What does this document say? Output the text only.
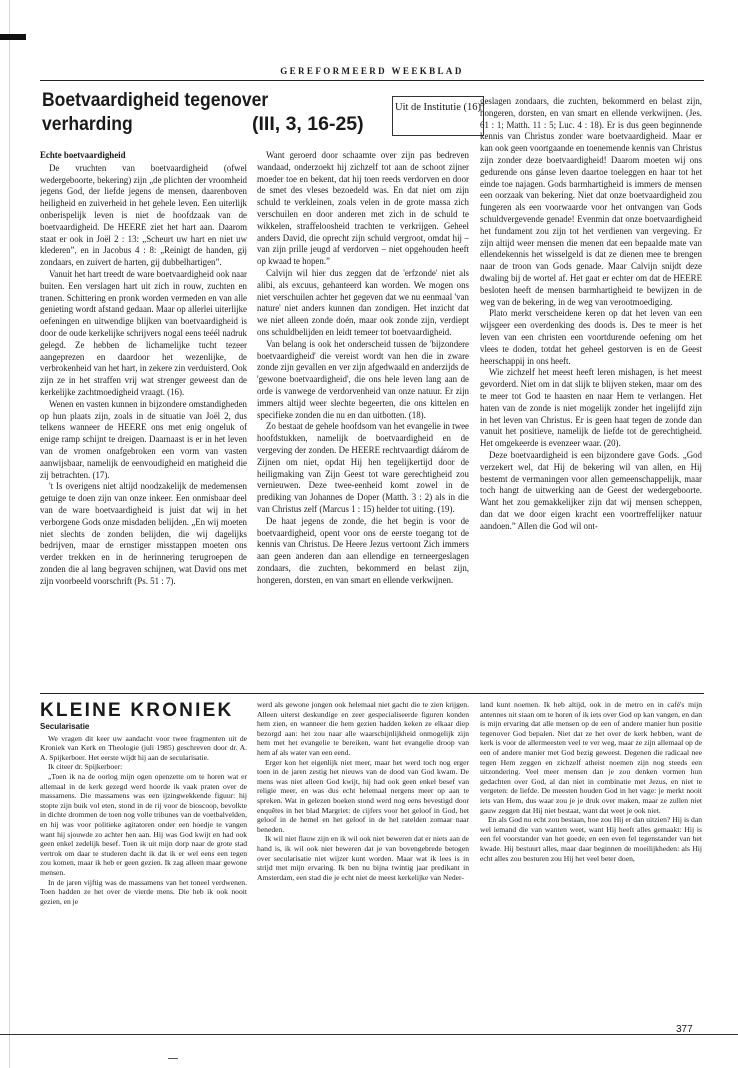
GEREFORMEERD WEEKBLAD
Boetvaardigheid tegenover verharding	(III, 3, 16-25)
Uit de Institutie (16)

Echte boetvaardigheid

De vruchten van boetvaardigheid (ofwel wedergeboorte, bekering) zijn „de plichten der vroomheid jegens God, der liefde jegens de mensen, daarenboven heiligheid en zuiverheid in het gehele leven. Een uiterlijk onberispelijk leven is niet de hoofdzaak van de boetvaardigheid. De HEERE ziet het hart aan. Daarom staat er ook in Joël 2 : 13: „Scheurt uw hart en niet uw klederen”, en in Jacobus 4 : 8: „Reinigt de handen, gij zondaars, en zuivert de harten, gij dubbelhartigen”.

Vanuit het hart treedt de ware boetvaardigheid ook naar buiten. Een verslagen hart uit zich in rouw, zuchten en tranen. Schittering en pronk worden vermeden en van alle genieting wordt afstand gedaan. Maar op allerlei uiterlijke oefeningen en uitwendige blijken van boetvaardigheid is door de oude kerkelijke schrijvers nogal eens teéél nadruk gelegd. Ze hebben de lichamelijke tucht tezeer aangeprezen en daardoor het wezenlijke, de verbrokenheid van het hart, in zekere zin verduisterd. Ook zijn ze in het straffen vrij wat strenger geweest dan de kerkelijke zachtmoedigheid vraagt. (16).

Wenen en vasten kunnen in bijzondere omstandigheden op hun plaats zijn, zoals in de situatie van Joël 2, dus telkens wanneer de HEERE ons met enig ongeluk of enige ramp schijnt te dreigen. Daarnaast is er in het leven van de vromen onafgebroken een vorm van vasten aanwijsbaar, namelijk de eenvoudigheid en matigheid die zij betrachten. (17).

't Is overigens niet altijd noodzakelijk de medemensen getuige te doen zijn van onze inkeer. Een onmisbaar deel van de ware boetvaardigheid is juist dat wij in het verborgene Gods onze misdaden belijden. „En wij moeten niet slechts de zonden belijden, die wij dagelijks bedrijven, maar de ernstiger misstappen moeten ons verder trekken en in de herinnering terugroepen de zonden die al lang begraven schijnen, wat David ons met zijn voorbeeld voorschrift (Ps. 51 : 7).

Want geroerd door schaamte over zijn pas bedreven wandaad, onderzoekt hij zichzelf tot aan de schoot zijner moeder toe en bekent, dat hij toen reeds verdorven en door de smet des vleses bezoedeld was. En dat niet om zijn schuld te verkleinen, zoals velen in de grote massa zich verschuilen en door anderen met zich in de schuld te wikkelen, straffeloosheid trachten te verkrijgen. Geheel anders David, die oprecht zijn schuld vergroot, omdat hij – van zijn prille jeugd af verdorven – niet opgehouden heeft op kwaad te hopen.”

Calvijn wil hier dus zeggen dat de 'erfzonde' niet als alibi, als excuus, gehanteerd kan worden. We mogen ons niet verschuilen achter het gegeven dat we nu eenmaal 'van nature' niet anders kunnen dan zondigen. Het inzicht dat we niet alleen zonde doén, maar ook zonde zijn, verdiept ons schuldbelijden en leidt temeer tot boetvaardigheid.

Van belang is ook het onderscheid tussen de 'bijzondere boetvaardigheid' die vereist wordt van hen die in zware zonde zijn gevallen en ver zijn afgedwaald en anderzijds de 'gewone boetvaardigheid', die ons hele leven lang aan de orde is vanwege de verdorvenheid van onze natuur. Er zijn immers altijd weer slechte begeerten, die ons kittelen en specifieke zonden die nu en dan uitbotten. (18).

Zo bestaat de gehele hoofdsom van het evangelie in twee hoofdstukken, namelijk de boetvaardigheid en de vergeving der zonden. De HEERE rechtvaardigt dáárom de Zijnen om niet, opdat Hij hen tegelijkertijd door de heiligmaking van Zijn Geest tot ware gerechtigheid zou vernieuwen. Deze twee-eenheid komt zowel in de prediking van Johannes de Doper (Matth. 3 : 2) als in die van Christus zelf (Marcus 1 : 15) helder tot uiting. (19).

De haat jegens de zonde, die het begin is voor de boetvaardigheid, opent voor ons de eerste toegang tot de kennis van Christus. De Heere Jezus vertoont Zich immers aan geen anderen dan aan ellendige en terneergeslagen zondaars, die zuchten, bekommerd en belast zijn, hongeren, dorsten, en van smart en ellende verkwijnen.

geslagen zondaars, die zuchten, bekommerd en belast zijn, hongeren, dorsten, en van smart en ellende verkwijnen. (Jes. 61 : 1; Matth. 11 : 5; Luc. 4 : 18). Er is dus geen beginnende kennis van Christus zonder ware boetvaardigheid. Maar er kan ook geen voortgaande en toenemende kennis van Christus zijn zonder deze boetvaardigheid! Daarom moeten wij ons gedurende ons gánse leven daartoe toeleggen en haar tot het einde toe najagen. Gods barmhartigheid is immers de mensen een oorzaak van bekering. Niet dat onze boetvaardigheid zou fungeren als een voorwaarde voor het ontvangen van Gods schuldvergevende genade! Evenmin dat onze boetvaardigheid het fundament zou zijn tot het verdienen van vergeving. Er zijn altijd weer mensen die menen dat een bepaalde mate van ellendekennis het wisselgeld is dat ze dienen mee te brengen naar de troon van Gods genade. Maar Calvijn snijdt deze dwaling bij de wortel af. Het gaat er echter om dat de HEERE besloten heeft de mensen barmhartigheid te bewijzen in de weg van de bekering, in de weg van verootmoediging.

Plato merkt verscheidene keren op dat het leven van een wijsgeer een overdenking des doods is. Des te meer is het leven van een christen een voortdurende oefening om het vlees te doden, totdat het geheel gestorven is en de Geest heerschappij in ons heeft.

Wie zichzelf het meest heeft leren mishagen, is het meest gevorderd. Niet om in dat slijk te blijven steken, maar om des te meer tot God te haasten en naar Hem te verlangen. Het haten van de zonde is niet mogelijk zonder het ingelijfd zijn in het leven van Christus. Er is geen haat tegen de zonde dan vanuit het positieve, namelijk de liefde tot de gerechtigheid. Het omgekeerde is evenzeer waar. (20).

Deze boetvaardigheid is een bijzondere gave Gods. „God verzekert wel, dat Hij de bekering wil van allen, en Hij bestemt de vermaningen voor allen gemeenschappelijk, maar toch hangt de uitwerking aan de Geest der wedergeboorte. Want het zou gemakkelijker zijn dat wij mensen scheppen, dan dat we door eigen kracht een voortreffelijker natuur aandoen.” Allen die God wil ont-

KLEINE KRONIEK

Secularisatie

We vragen dit keer uw aandacht voor twee fragmenten uit de Kroniek van Kerk en Theologie (juli 1985) geschreven door dr. A. A. Spijkerboer. Het eerste wijdt hij aan de secularisatie.

Ik citeer dr. Spijkerboer:

„Toen ik na de oorlog mijn ogen openzette om te horen wat er allemaal in de kerk gezegd werd hoorde ik vaak praten over de massamens. Die massamens was een ijzingwekkende figuur: hij stopte zijn buik vol eten, stond in de rij voor de bioscoop, bevolkte in dichte drommen de toen nog volle tribunes van de voetbalvelden, en hij was voor politieke agitatoren onder een hoedje te vangen want hij sjouwde zo achter hen aan. Hij was God kwijt en had ook geen enkel zedelijk besef. Toen ik uit mijn dorp naar de grote stad vertrok om daar te studeren dacht ik dat ik er wel eens een tegen zou komen, maar ik heb er geen gezien. Ik zag alleen maar gewone mensen.

In de jaren vijftig was de massamens van het toneel verdwenen. Toen hadden ze het over de vierde mens. Die heb ik ook nooit gezien, en je

werd als gewone jongen ook helemaal niet gacht die te zien krijgen. Alleen uiterst deskundige en zeer gespecialiseerde figuren konden hem zien, en wanneer die hem gezien hadden keken ze elkaar diep bezorgd aan: het zou naar alle waarschijnlijkheid onmogelijk zijn hem met het evangelie te bereiken, want het evangelie droop van hem af als water van een eend.

Erger kon het eigenlijk niet meer, maar het werd toch nog erger toen in de jaren zestig het nieuws van de dood van God kwam. De mens was niet alleen God kwijt, hij had ook geen enkel besef van religie meer, en was dus echt helemaal nergens meer op aan te spreken. Wat in gelezen boeken stond werd nog eens bevestigd door enquêtes in het blad Margriet: de cijfers voor het geloof in God, het geloof in de hemel en het geloof in de hel ratelden zomaar naar beneden.

Ik wil niet flauw zijn en ik wil ook niet beweren dat er niets aan de hand is, ik wil ook niet beweren dat je van bovengebrede betogen over secularisatie niet wijzer kunt worden. Maar wat ik lees is in strijd met mijn ervaring. Ik ben nu bijna twintig jaar predikant in Amsterdam, een stad die je echt niet de meest kerkelijke van Neder-

land kunt noemen. Ik heb altijd, ook in de metro en in café's mijn antennes uit staan om te horen of ik iets over God op kan vangen, en dan is mijn ervaring dat alle mensen op de een of andere manier hun positie tegenover God bepalen. Niet dat ze het over de kerk hebben, want de kerk is voor de allermeesten veel te ver weg, maar ze zijn allemaal op de een of andere manier met God bezig geweest. Degenen die radicaal nee tegen Hem zeggen en zichzelf atheist noemen zijn nog steeds een uitzondering. Veel meer mensen dan je zou denken vormen hun gedachten over God, al dan niet in combinatie met Jezus, en niet te vergeten: de liefde. De meesten houden God in het vage: je merkt nooit iets van Hem, dus waar zou je je druk over maken, maar ze zullen niet gauw zeggen dat Hij niet bestaat, want dat weet je ook niet.

En als God nu echt zou bestaan, hoe zou Hij er dan uitzien? Hij is dan wel iemand die van wanten weet, want Hij heeft alles gemaakt: Hij is een fel voorstander van het goede, en een even fel tegenstander van het kwade. Hij bestuurt alles, maar daar beginnen de moeilijkheden: als Hij echt alles zou besturen zou Hij het veel beter doen,

377
